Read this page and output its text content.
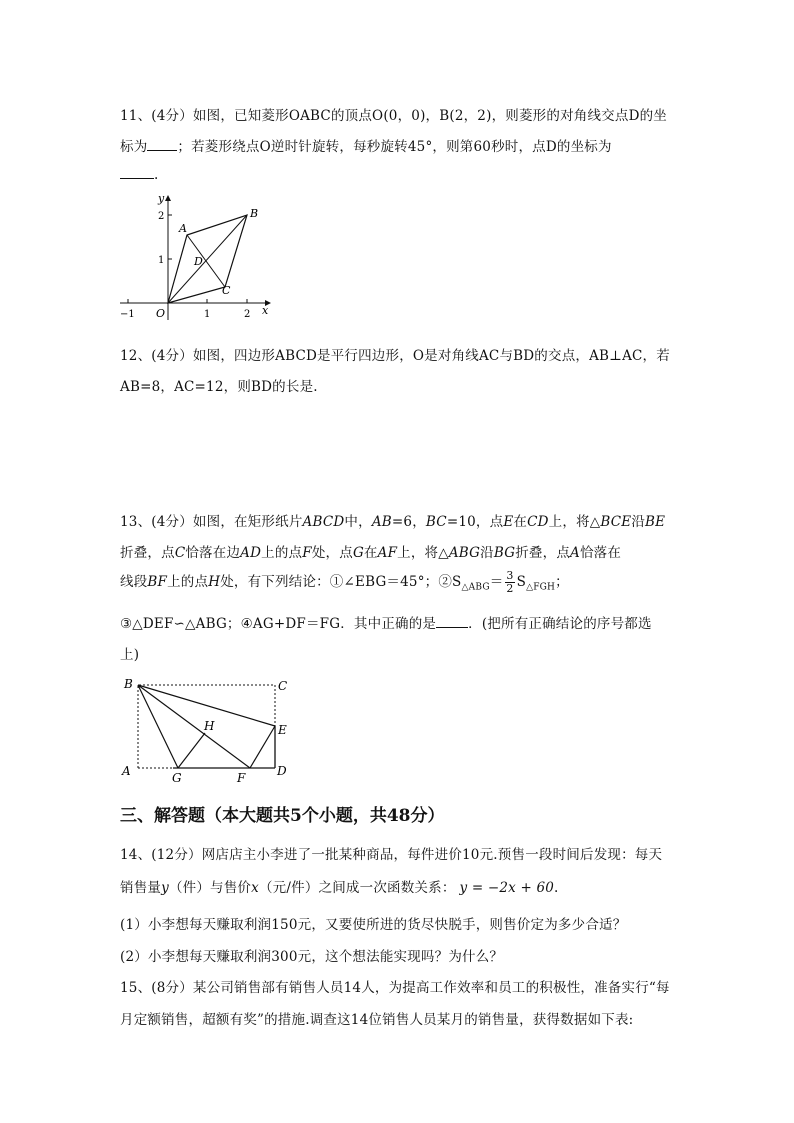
11、(4分）如图，已知菱形OABC的顶点O(0，0)，B(2，2)，则菱形的对角线交点D的坐
标为 ；若菱形绕点O逆时针旋转，每秒旋转45°，则第60秒时，点D的坐标为
.
y
x
2
1
−1 O	1	2
A
B
C
D
12、(4分）如图，四边形ABCD是平行四边形，O是对角线AC与BD的交点，AB⊥AC，若
AB=8，AC=12，则BD的长是.
13、(4分）如图，在矩形纸片ABCD中，AB=6，BC=10，点E在CD上，将△BCE沿BE
折叠，点C恰落在边AD上的点F处，点G在AF上，将△ABG沿BG折叠，点A恰落在
线段BF上的点H处，有下列结论：①∠EBG＝45°；$②S_{\triangle ABG}= \frac{3}{2} S_{\triangle FGH}$；
③△DEF∽△ABG；④AG+DF＝FG．其中正确的是 ．(把所有正确结论的序号都选
上)
B	C
H	E
A	G	F	D
三、解答题（本大题共5个小题，共48分）
14、(12分）网店店主小李进了一批某种商品，每件进价10元.预售一段时间后发现：每天
销售量y（件）与售价x（元/件）之间成一次函数关系： y = −2x + 60.
(1）小李想每天赚取利润150元，又要使所进的货尽快脱手，则售价定为多少合适？
(2）小李想每天赚取利润300元，这个想法能实现吗？为什么？
15、(8分）某公司销售部有销售人员14人，为提高工作效率和员工的积极性，准备实行“每
月定额销售，超额有奖”的措施.调查这14位销售人员某月的销售量，获得数据如下表:
